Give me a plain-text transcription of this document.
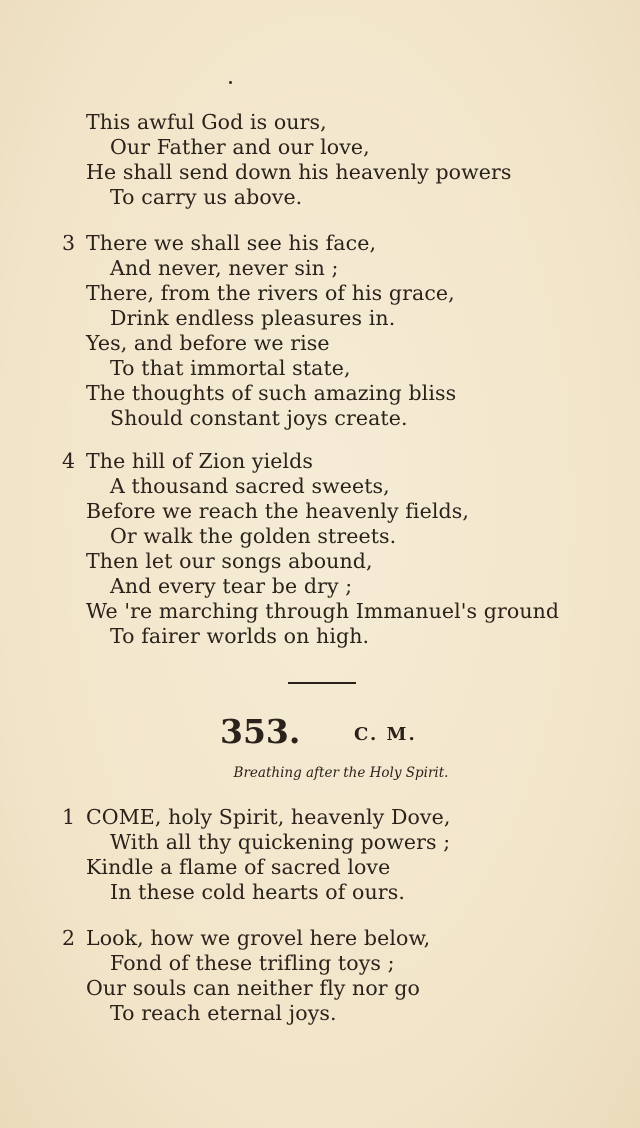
This awful God is ours,
Our Father and our love,
He shall send down his heavenly powers
To carry us above.
3 There we shall see his face,
And never, never sin ;
There, from the rivers of his grace,
Drink endless pleasures in.
Yes, and before we rise
To that immortal state,
The thoughts of such amazing bliss
Should constant joys create.
4 The hill of Zion yields
A thousand sacred sweets,
Before we reach the heavenly fields,
Or walk the golden streets.
Then let our songs abound,
And every tear be dry ;
We 're marching through Immanuel's ground
To fairer worlds on high.
353.	C. M.
Breathing after the Holy Spirit.
1 COME, holy Spirit, heavenly Dove,
With all thy quickening powers ;
Kindle a flame of sacred love
In these cold hearts of ours.
2 Look, how we grovel here below,
Fond of these trifling toys ;
Our souls can neither fly nor go
To reach eternal joys.
